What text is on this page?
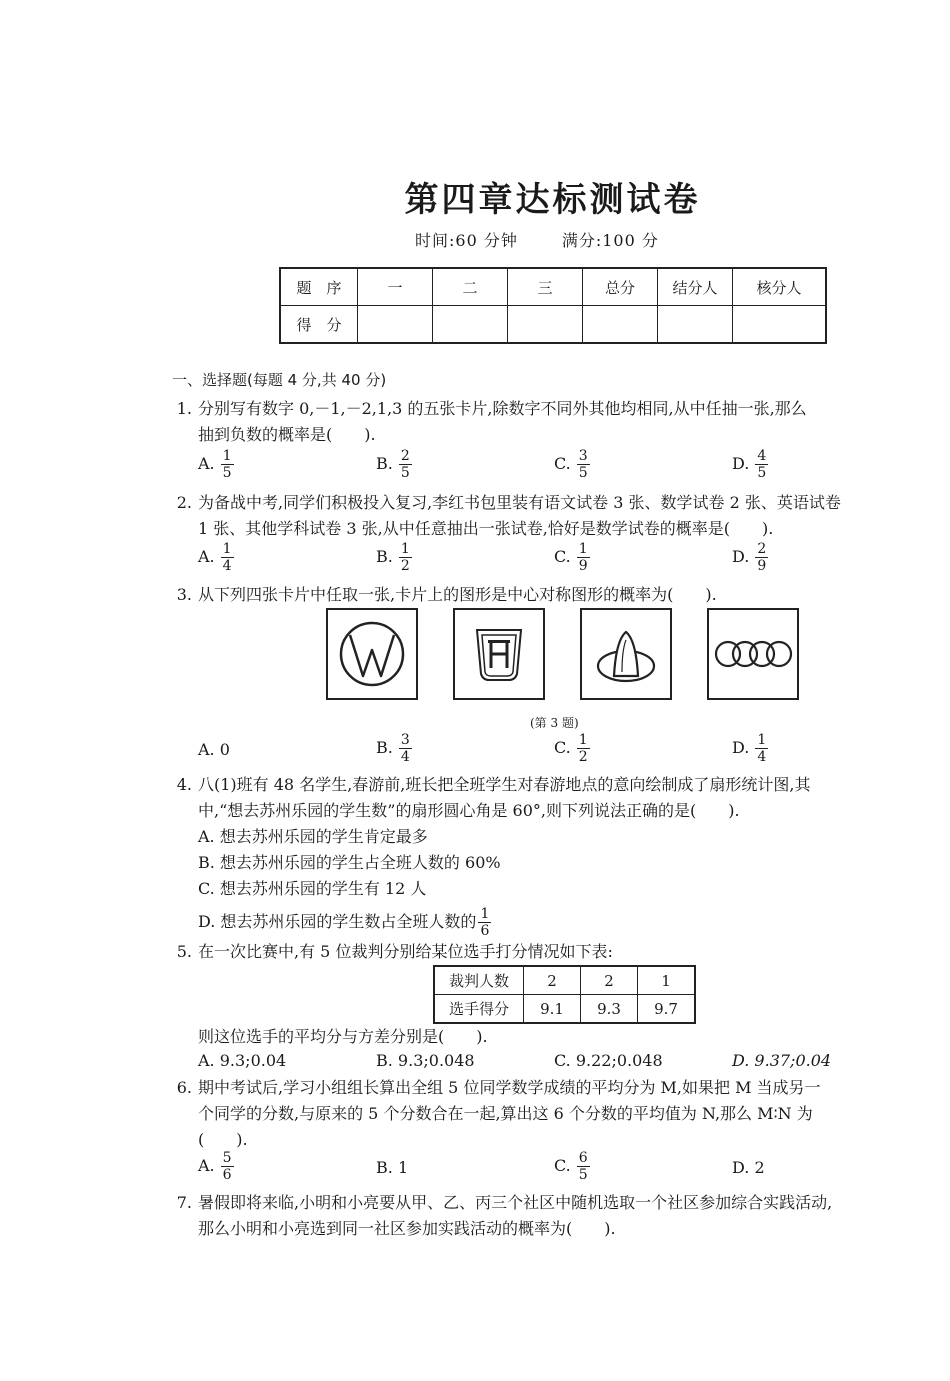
第四章达标测试卷
时间:60 分钟	满分:100 分
题　序	一	二	三	总分	结分人	核分人
得　分						
一、选择题(每题 4 分,共 40 分)
1. 分别写有数字 0,－1,－2,1,3 的五张卡片,除数字不同外其他均相同,从中任抽一张,那么
抽到负数的概率是(　　).
A. $\frac{1}{5}$	B. $\frac{2}{5}$	C. $\frac{3}{5}$	D. $\frac{4}{5}$
2. 为备战中考,同学们积极投入复习,李红书包里装有语文试卷 3 张、数学试卷 2 张、英语试卷
1 张、其他学科试卷 3 张,从中任意抽出一张试卷,恰好是数学试卷的概率是(　　).
A. $\frac{1}{4}$	B. $\frac{1}{2}$	C. $\frac{1}{9}$	D. $\frac{2}{9}$
3. 从下列四张卡片中任取一张,卡片上的图形是中心对称图形的概率为(　　).
(第 3 题)
A. 0	B. $\frac{3}{4}$	C. $\frac{1}{2}$	D. $\frac{1}{4}$
4. 八(1)班有 48 名学生,春游前,班长把全班学生对春游地点的意向绘制成了扇形统计图,其
中,“想去苏州乐园的学生数”的扇形圆心角是 60°,则下列说法正确的是(　　).
A. 想去苏州乐园的学生肯定最多
B. 想去苏州乐园的学生占全班人数的 60%
C. 想去苏州乐园的学生有 12 人
D. 想去苏州乐园的学生数占全班人数的 $\frac{1}{6}$
5. 在一次比赛中,有 5 位裁判分别给某位选手打分情况如下表:
裁判人数	2	2	1
选手得分	9.1	9.3	9.7
则这位选手的平均分与方差分别是(　　).
A. 9.3;0.04	B. 9.3;0.048	C. 9.22;0.048	D. 9.37;0.04
6. 期中考试后,学习小组组长算出全组 5 位同学数学成绩的平均分为 M,如果把 M 当成另一
个同学的分数,与原来的 5 个分数合在一起,算出这 6 个分数的平均值为 N,那么 M∶N 为
(　　).
A. $\frac{5}{6}$	B. 1	C. $\frac{6}{5}$	D. 2
7. 暑假即将来临,小明和小亮要从甲、乙、丙三个社区中随机选取一个社区参加综合实践活动,
那么小明和小亮选到同一社区参加实践活动的概率为(　　).
